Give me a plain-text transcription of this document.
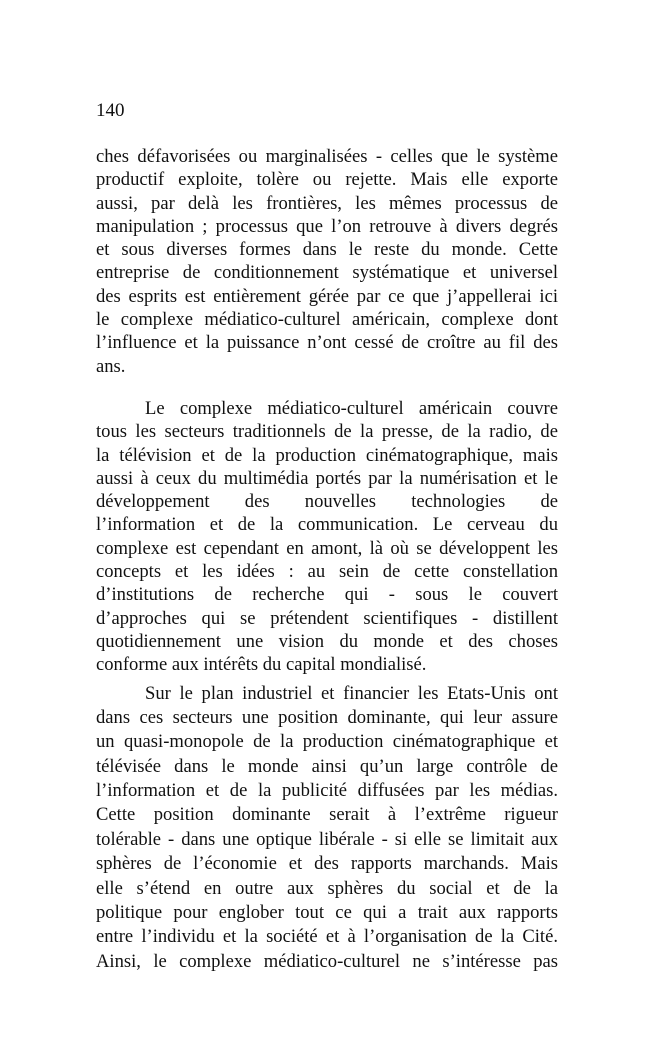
140

ches défavorisées ou marginalisées - celles que le système
productif exploite, tolère ou rejette. Mais elle exporte
aussi, par delà les frontières, les mêmes processus de
manipulation ; processus que l’on retrouve à divers degrés
et sous diverses formes dans le reste du monde. Cette
entreprise de conditionnement systématique et universel
des esprits est entièrement gérée par ce que j’appellerai ici
le complexe médiatico-culturel américain, complexe dont
l’influence et la puissance n’ont cessé de croître au fil des
ans.

Le complexe médiatico-culturel américain couvre
tous les secteurs traditionnels de la presse, de la radio, de
la télévision et de la production cinématographique, mais
aussi à ceux du multimédia portés par la numérisation et le
développement des nouvelles technologies de
l’information et de la communication. Le cerveau du
complexe est cependant en amont, là où se développent les
concepts et les idées : au sein de cette constellation
d’institutions de recherche qui - sous le couvert
d’approches qui se prétendent scientifiques - distillent
quotidiennement une vision du monde et des choses
conforme aux intérêts du capital mondialisé.

Sur le plan industriel et financier les Etats-Unis ont
dans ces secteurs une position dominante, qui leur assure
un quasi-monopole de la production cinématographique et
télévisée dans le monde ainsi qu’un large contrôle de
l’information et de la publicité diffusées par les médias.
Cette position dominante serait à l’extrême rigueur
tolérable - dans une optique libérale - si elle se limitait aux
sphères de l’économie et des rapports marchands. Mais
elle s’étend en outre aux sphères du social et de la
politique pour englober tout ce qui a trait aux rapports
entre l’individu et la société et à l’organisation de la Cité.
Ainsi, le complexe médiatico-culturel ne s’intéresse pas
